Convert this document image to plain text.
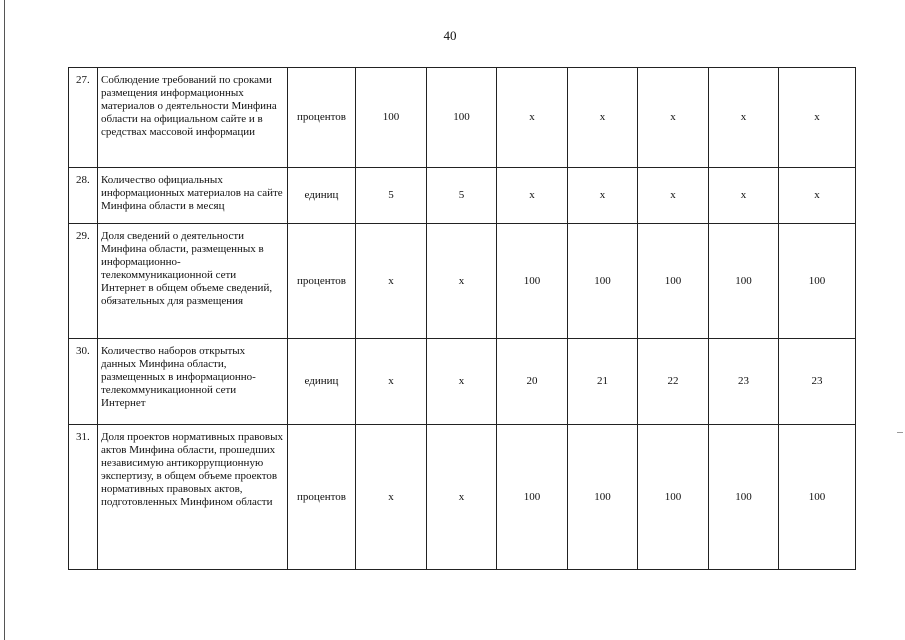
40
27.	Соблюдение требований по сроками размещения информационных материалов о деятельности Минфина области на официальном сайте и в средствах массовой информации	процентов	100	100	x	x	x	x	x
28.	Количество официальных информационных материалов на сайте Минфина области в месяц	единиц	5	5	x	x	x	x	x
29.	Доля сведений о деятельности Минфина области, размещенных в информационно-телекоммуникационной сети Интернет в общем объеме сведений, обязательных для размещения	процентов	x	x	100	100	100	100	100
30.	Количество наборов открытых данных Минфина области, размещенных в информационно-телекоммуникационной сети Интернет	единиц	x	x	20	21	22	23	23
31.	Доля проектов нормативных правовых актов Минфина области, прошедших независимую антикоррупционную экспертизу, в общем объеме проектов нормативных правовых актов, подготовленных Минфином области	процентов	x	x	100	100	100	100	100
